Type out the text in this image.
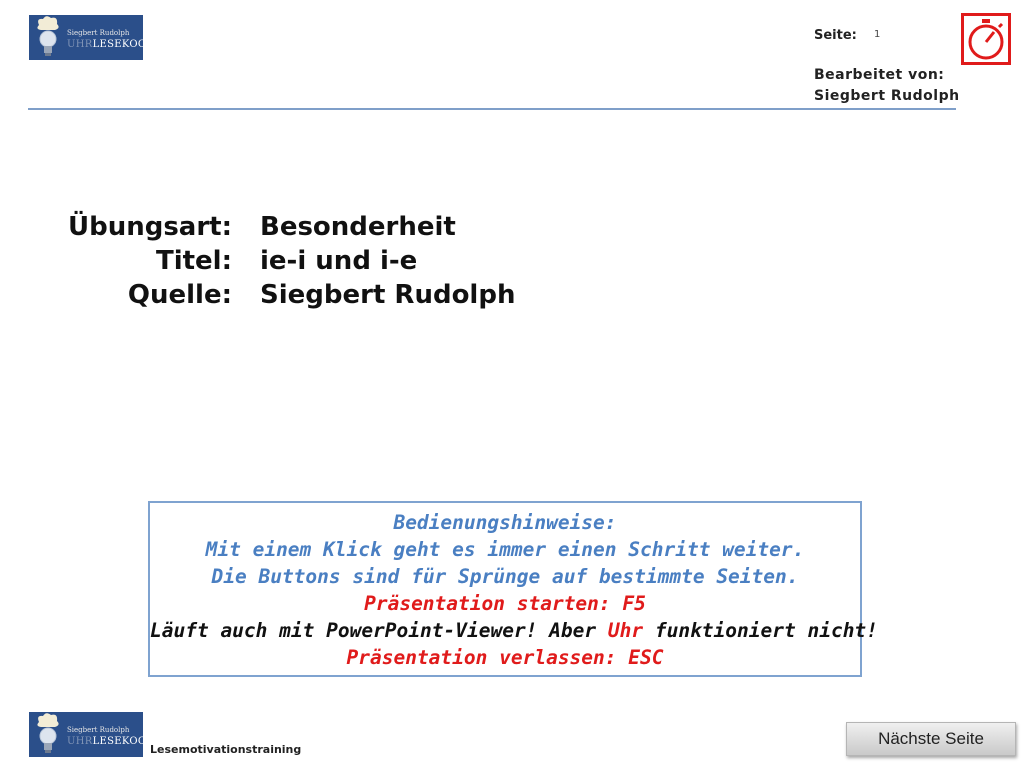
Siegbert Rudolph
UHRLESEKOCH
Seite: 1
Bearbeitet von:
Siegbert Rudolph
Übungsart: Besonderheit
Titel: ie-i und i-e
Quelle: Siegbert Rudolph
Bedienungshinweise:
Mit einem Klick geht es immer einen Schritt weiter.
Die Buttons sind für Sprünge auf bestimmte Seiten.
Präsentation starten: F5
Läuft auch mit PowerPoint-Viewer! Aber Uhr funktioniert nicht!
Präsentation verlassen: ESC
Siegbert Rudolph
UHRLESEKOCH
Lesemotivationstraining
Nächste Seite
